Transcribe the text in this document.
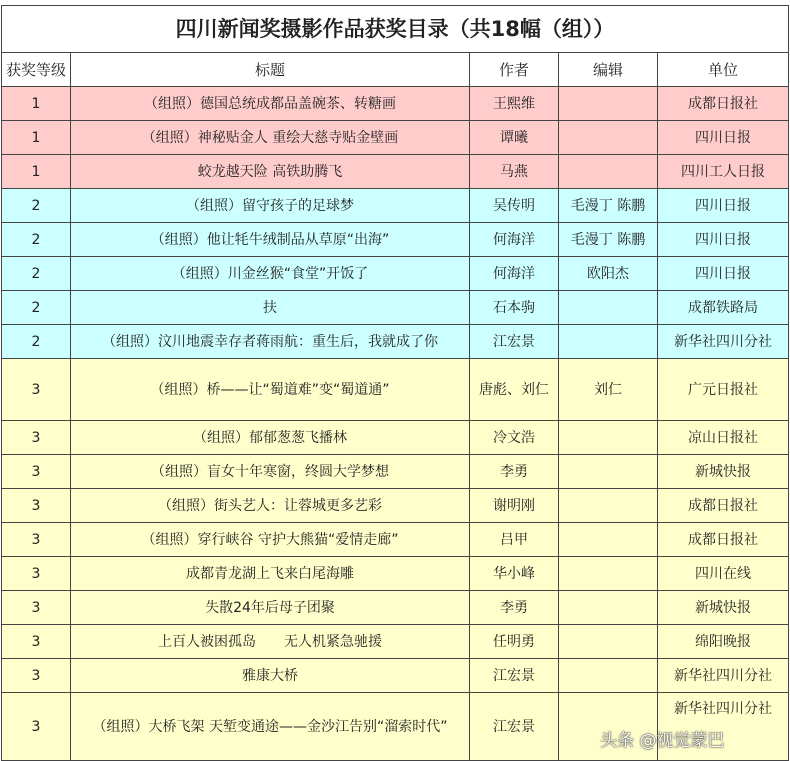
四川新闻奖摄影作品获奖目录（共18幅（组））				
获奖等级	标题	作者	编辑	单位
1	（组照）德国总统成都品盖碗茶、转糖画	王熙维		成都日报社
1	（组照）神秘贴金人 重绘大慈寺贴金壁画	谭曦		四川日报
1	蛟龙越天险 高铁助腾飞	马燕		四川工人日报
2	（组照）留守孩子的足球梦	吴传明	毛漫丁 陈鹏	四川日报
2	（组照）他让牦牛绒制品从草原“出海”	何海洋	毛漫丁 陈鹏	四川日报
2	（组照）川金丝猴“食堂”开饭了	何海洋	欧阳杰	四川日报
2	扶	石本驹		成都铁路局
2	（组照）汶川地震幸存者蒋雨航：重生后，我就成了你	江宏景		新华社四川分社
3	（组照）桥——让“蜀道难”变“蜀道通”	唐彪、刘仁	刘仁	广元日报社
3	（组照）郁郁葱葱飞播林	冷文浩		凉山日报社
3	（组照）盲女十年寒窗，终圆大学梦想	李勇		新城快报
3	（组照）街头艺人：让蓉城更多艺彩	谢明刚		成都日报社
3	（组照）穿行峡谷 守护大熊猫“爱情走廊”	吕甲		成都日报社
3	成都青龙湖上飞来白尾海雕	华小峰		四川在线
3	失散24年后母子团聚	李勇		新城快报
3	上百人被困孤岛　　无人机紧急驰援	任明勇		绵阳晚报
3	雅康大桥	江宏景		新华社四川分社
3	（组照）大桥飞架 天堑变通途——金沙江告别“溜索时代”	江宏景		新华社四川分社
头条 @视觉蒙巴
